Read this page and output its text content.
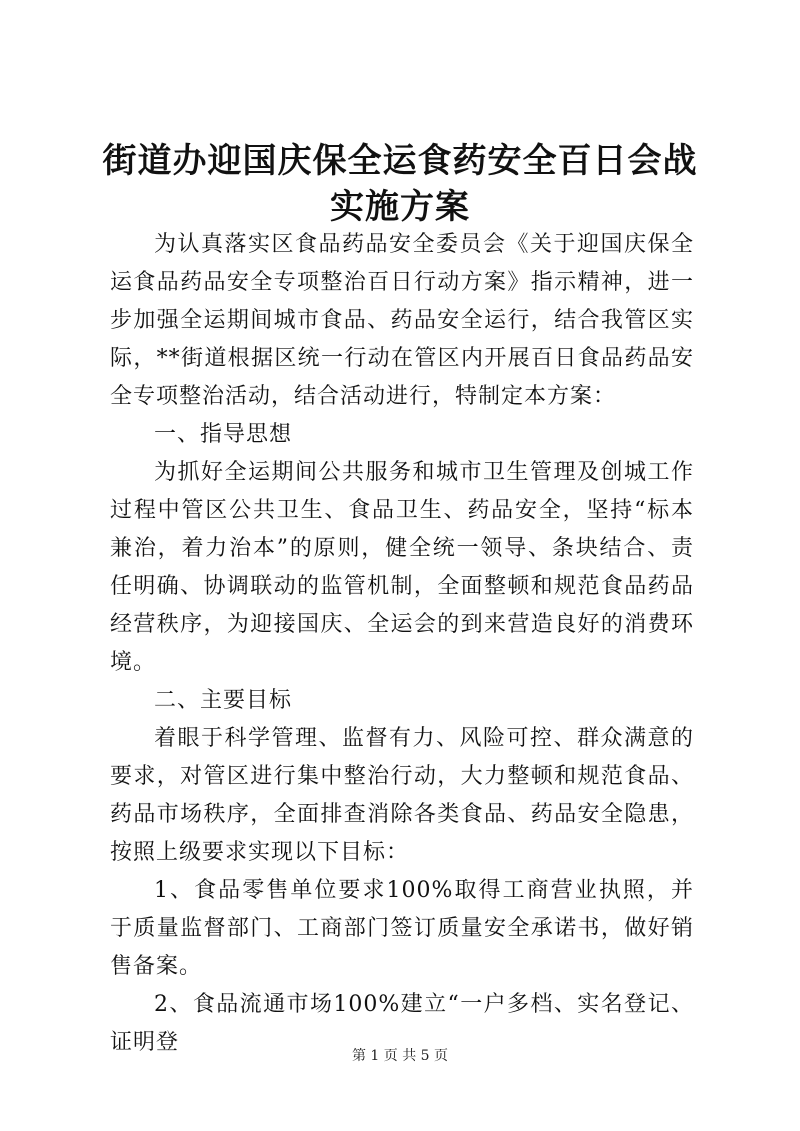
街道办迎国庆保全运食药安全百日会战实施方案

为认真落实区食品药品安全委员会《关于迎国庆保全运食品药品安全专项整治百日行动方案》指示精神，进一步加强全运期间城市食品、药品安全运行，结合我管区实际，**街道根据区统一行动在管区内开展百日食品药品安全专项整治活动，结合活动进行，特制定本方案：

一、指导思想

为抓好全运期间公共服务和城市卫生管理及创城工作过程中管区公共卫生、食品卫生、药品安全，坚持“标本兼治，着力治本”的原则，健全统一领导、条块结合、责任明确、协调联动的监管机制，全面整顿和规范食品药品经营秩序，为迎接国庆、全运会的到来营造良好的消费环境。

二、主要目标

着眼于科学管理、监督有力、风险可控、群众满意的要求，对管区进行集中整治行动，大力整顿和规范食品、药品市场秩序，全面排查消除各类食品、药品安全隐患，按照上级要求实现以下目标：

1、食品零售单位要求100%取得工商营业执照，并于质量监督部门、工商部门签订质量安全承诺书，做好销售备案。

2、食品流通市场100%建立“一户多档、实名登记、证明登

第 1 页 共 5 页
